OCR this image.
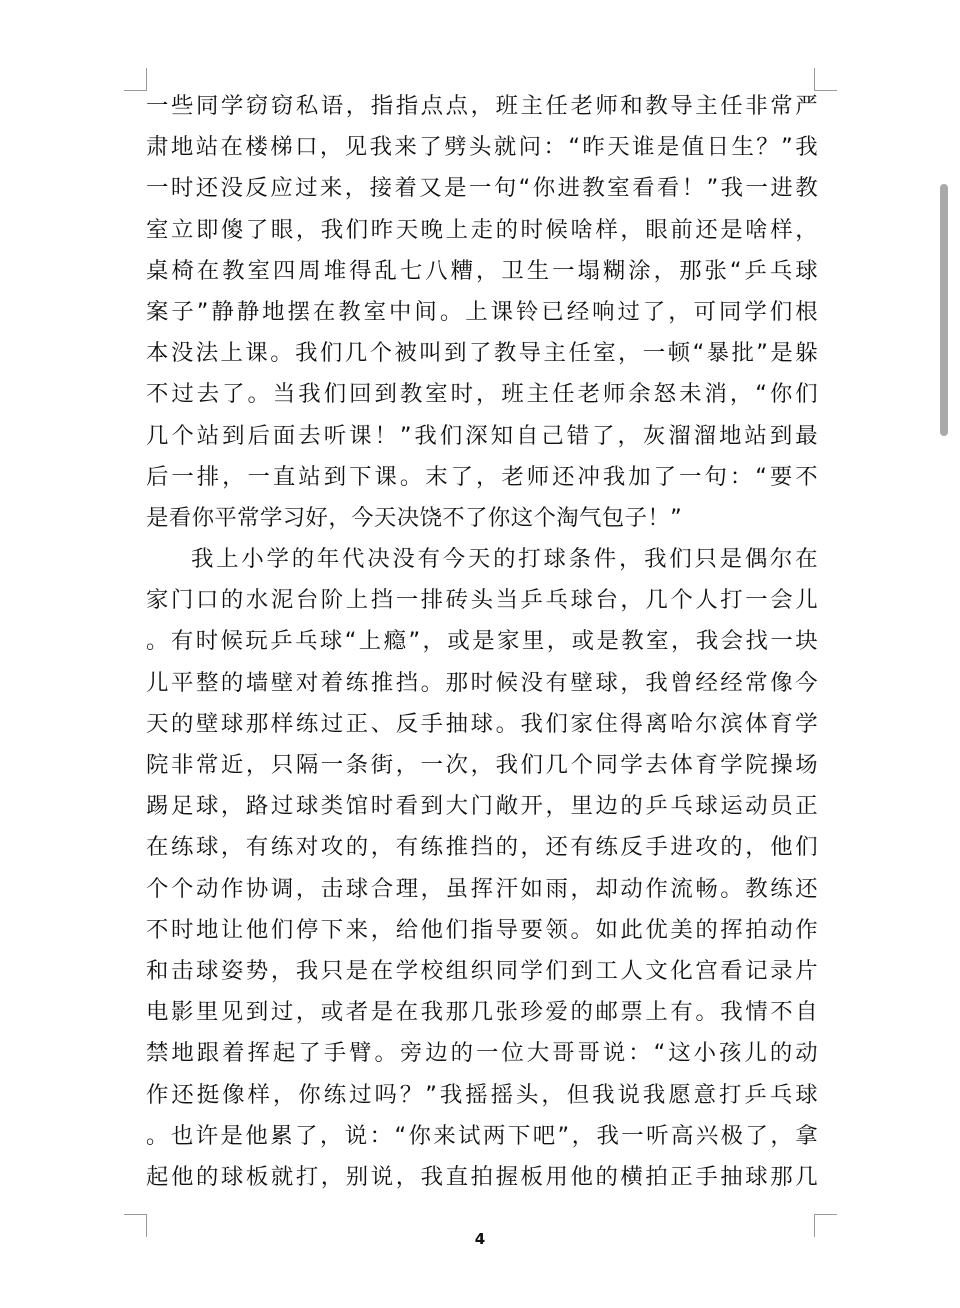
一些同学窃窃私语，指指点点，班主任老师和教导主任非常严
肃地站在楼梯口，见我来了劈头就问：“昨天谁是值日生？”我
一时还没反应过来，接着又是一句“你进教室看看！”我一进教
室立即傻了眼，我们昨天晚上走的时候啥样，眼前还是啥样，
桌椅在教室四周堆得乱七八糟，卫生一塌糊涂，那张“乒乓球
案子”静静地摆在教室中间。上课铃已经响过了，可同学们根
本没法上课。我们几个被叫到了教导主任室，一顿“暴批”是躲
不过去了。当我们回到教室时，班主任老师余怒未消，“你们
几个站到后面去听课！”我们深知自己错了，灰溜溜地站到最
后一排，一直站到下课。末了，老师还冲我加了一句：“要不
是看你平常学习好，今天决饶不了你这个淘气包子！”
我上小学的年代决没有今天的打球条件，我们只是偶尔在
家门口的水泥台阶上挡一排砖头当乒乓球台，几个人打一会儿
。有时候玩乒乓球“上瘾”，或是家里，或是教室，我会找一块
儿平整的墙壁对着练推挡。那时候没有壁球，我曾经经常像今
天的壁球那样练过正、反手抽球。我们家住得离哈尔滨体育学
院非常近，只隔一条街，一次，我们几个同学去体育学院操场
踢足球，路过球类馆时看到大门敞开，里边的乒乓球运动员正
在练球，有练对攻的，有练推挡的，还有练反手进攻的，他们
个个动作协调，击球合理，虽挥汗如雨，却动作流畅。教练还
不时地让他们停下来，给他们指导要领。如此优美的挥拍动作
和击球姿势，我只是在学校组织同学们到工人文化宫看记录片
电影里见到过，或者是在我那几张珍爱的邮票上有。我情不自
禁地跟着挥起了手臂。旁边的一位大哥哥说：“这小孩儿的动
作还挺像样，你练过吗？”我摇摇头，但我说我愿意打乒乓球
。也许是他累了，说：“你来试两下吧”，我一听高兴极了，拿
起他的球板就打，别说，我直拍握板用他的横拍正手抽球那几
4
